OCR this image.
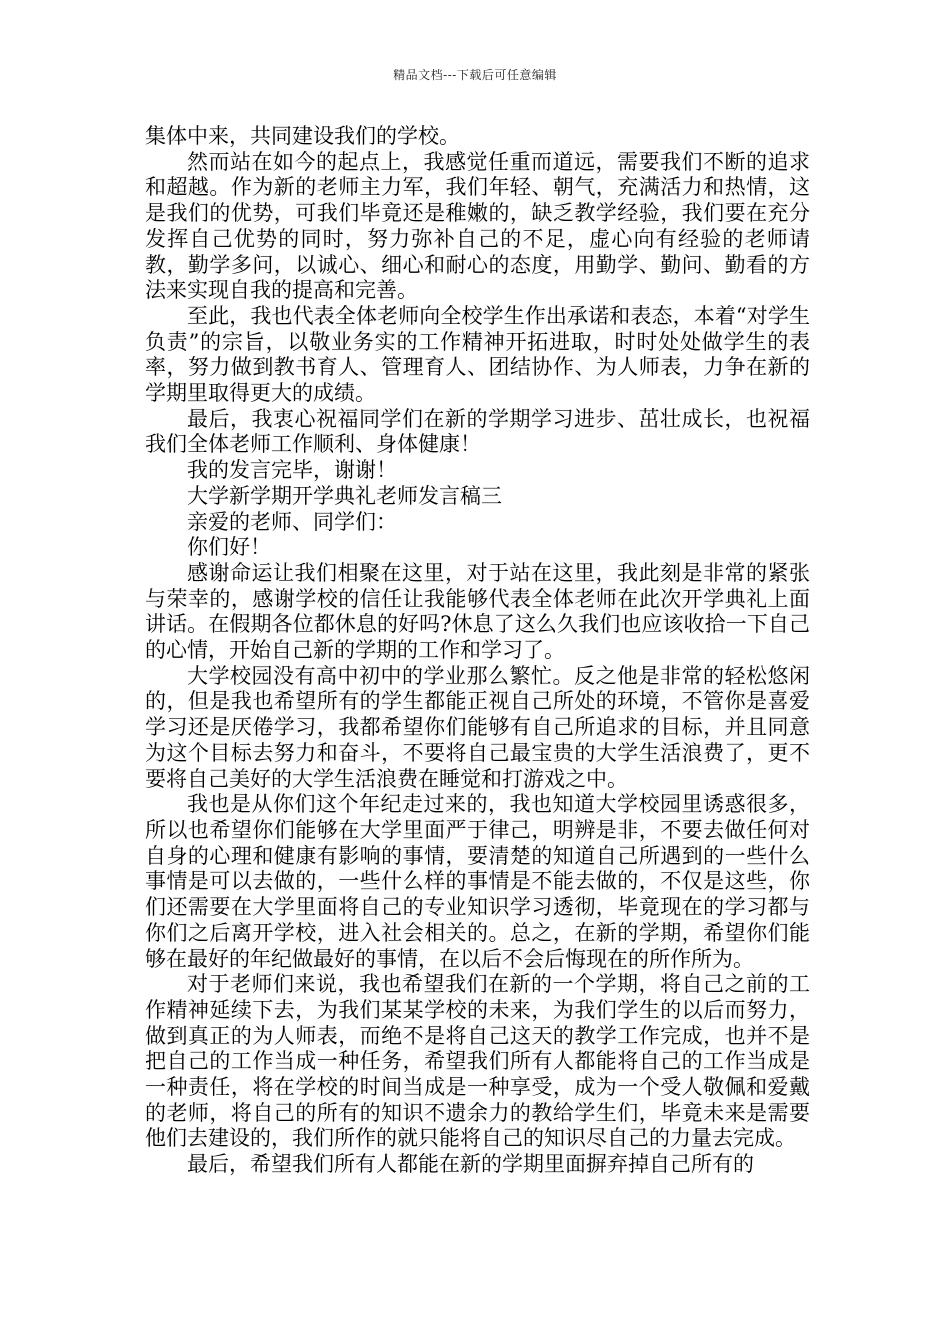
精品文档---下载后可任意编辑

集体中来，共同建设我们的学校。

然而站在如今的起点上，我感觉任重而道远，需要我们不断的追求和超越。作为新的老师主力军，我们年轻、朝气，充满活力和热情，这是我们的优势，可我们毕竟还是稚嫩的，缺乏教学经验，我们要在充分发挥自己优势的同时，努力弥补自己的不足，虚心向有经验的老师请教，勤学多问，以诚心、细心和耐心的态度，用勤学、勤问、勤看的方法来实现自我的提高和完善。

至此，我也代表全体老师向全校学生作出承诺和表态，本着“对学生负责”的宗旨，以敬业务实的工作精神开拓进取，时时处处做学生的表率，努力做到教书育人、管理育人、团结协作、为人师表，力争在新的学期里取得更大的成绩。

最后，我衷心祝福同学们在新的学期学习进步、茁壮成长，也祝福我们全体老师工作顺利、身体健康！

我的发言完毕，谢谢！

大学新学期开学典礼老师发言稿三

亲爱的老师、同学们：

你们好！

感谢命运让我们相聚在这里，对于站在这里，我此刻是非常的紧张与荣幸的，感谢学校的信任让我能够代表全体老师在此次开学典礼上面讲话。在假期各位都休息的好吗?休息了这么久我们也应该收拾一下自己的心情，开始自己新的学期的工作和学习了。

大学校园没有高中初中的学业那么繁忙。反之他是非常的轻松悠闲的，但是我也希望所有的学生都能正视自己所处的环境，不管你是喜爱学习还是厌倦学习，我都希望你们能够有自己所追求的目标，并且同意为这个目标去努力和奋斗，不要将自己最宝贵的大学生活浪费了，更不要将自己美好的大学生活浪费在睡觉和打游戏之中。

我也是从你们这个年纪走过来的，我也知道大学校园里诱惑很多，所以也希望你们能够在大学里面严于律己，明辨是非，不要去做任何对自身的心理和健康有影响的事情，要清楚的知道自己所遇到的一些什么事情是可以去做的，一些什么样的事情是不能去做的，不仅是这些，你们还需要在大学里面将自己的专业知识学习透彻，毕竟现在的学习都与你们之后离开学校，进入社会相关的。总之，在新的学期，希望你们能够在最好的年纪做最好的事情，在以后不会后悔现在的所作所为。

对于老师们来说，我也希望我们在新的一个学期，将自己之前的工作精神延续下去，为我们某某学校的未来，为我们学生的以后而努力，做到真正的为人师表，而绝不是将自己这天的教学工作完成，也并不是把自己的工作当成一种任务，希望我们所有人都能将自己的工作当成是一种责任，将在学校的时间当成是一种享受，成为一个受人敬佩和爱戴的老师，将自己的所有的知识不遗余力的教给学生们，毕竟未来是需要他们去建设的，我们所作的就只能将自己的知识尽自己的力量去完成。

最后，希望我们所有人都能在新的学期里面摒弃掉自己所有的
